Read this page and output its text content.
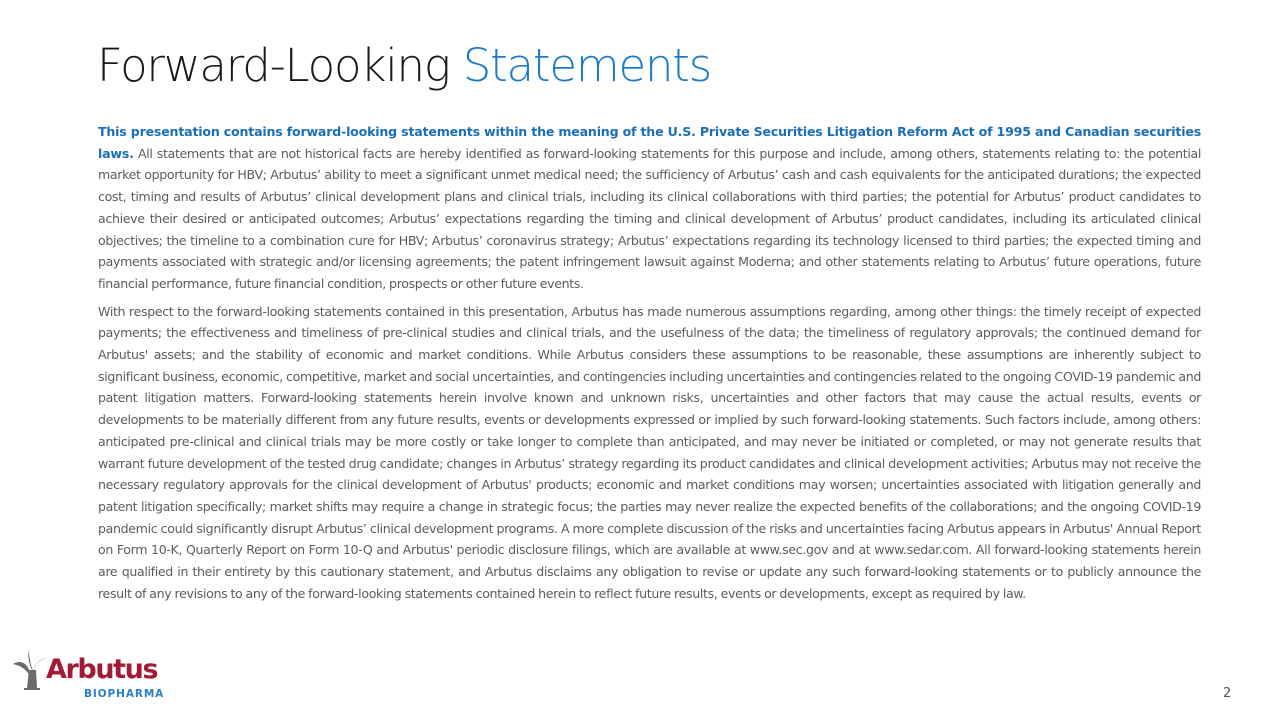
Forward-Looking Statements

This presentation contains forward-looking statements within the meaning of the U.S. Private Securities Litigation Reform Act of 1995 and Canadian securities laws. All statements that are not historical facts are hereby identified as forward-looking statements for this purpose and include, among others, statements relating to: the potential market opportunity for HBV; Arbutus’ ability to meet a significant unmet medical need; the sufficiency of Arbutus’ cash and cash equivalents for the anticipated durations; the expected cost, timing and results of Arbutus’ clinical development plans and clinical trials, including its clinical collaborations with third parties; the potential for Arbutus’ product candidates to achieve their desired or anticipated outcomes; Arbutus’ expectations regarding the timing and clinical development of Arbutus’ product candidates, including its articulated clinical objectives; the timeline to a combination cure for HBV; Arbutus’ coronavirus strategy; Arbutus’ expectations regarding its technology licensed to third parties; the expected timing and payments associated with strategic and/or licensing agreements; the patent infringement lawsuit against Moderna; and other statements relating to Arbutus’ future operations, future financial performance, future financial condition, prospects or other future events.

With respect to the forward-looking statements contained in this presentation, Arbutus has made numerous assumptions regarding, among other things: the timely receipt of expected payments; the effectiveness and timeliness of pre-clinical studies and clinical trials, and the usefulness of the data; the timeliness of regulatory approvals; the continued demand for Arbutus' assets; and the stability of economic and market conditions. While Arbutus considers these assumptions to be reasonable, these assumptions are inherently subject to significant business, economic, competitive, market and social uncertainties, and contingencies including uncertainties and contingencies related to the ongoing COVID-19 pandemic and patent litigation matters. Forward-looking statements herein involve known and unknown risks, uncertainties and other factors that may cause the actual results, events or developments to be materially different from any future results, events or developments expressed or implied by such forward-looking statements. Such factors include, among others: anticipated pre-clinical and clinical trials may be more costly or take longer to complete than anticipated, and may never be initiated or completed, or may not generate results that warrant future development of the tested drug candidate; changes in Arbutus’ strategy regarding its product candidates and clinical development activities; Arbutus may not receive the necessary regulatory approvals for the clinical development of Arbutus' products; economic and market conditions may worsen; uncertainties associated with litigation generally and patent litigation specifically; market shifts may require a change in strategic focus; the parties may never realize the expected benefits of the collaborations; and the ongoing COVID-19 pandemic could significantly disrupt Arbutus’ clinical development programs. A more complete discussion of the risks and uncertainties facing Arbutus appears in Arbutus' Annual Report on Form 10-K, Quarterly Report on Form 10-Q and Arbutus' periodic disclosure filings, which are available at www.sec.gov and at www.sedar.com. All forward-looking statements herein are qualified in their entirety by this cautionary statement, and Arbutus disclaims any obligation to revise or update any such forward-looking statements or to publicly announce the result of any revisions to any of the forward-looking statements contained herein to reflect future results, events or developments, except as required by law.

Arbutus
BIOPHARMA	2
